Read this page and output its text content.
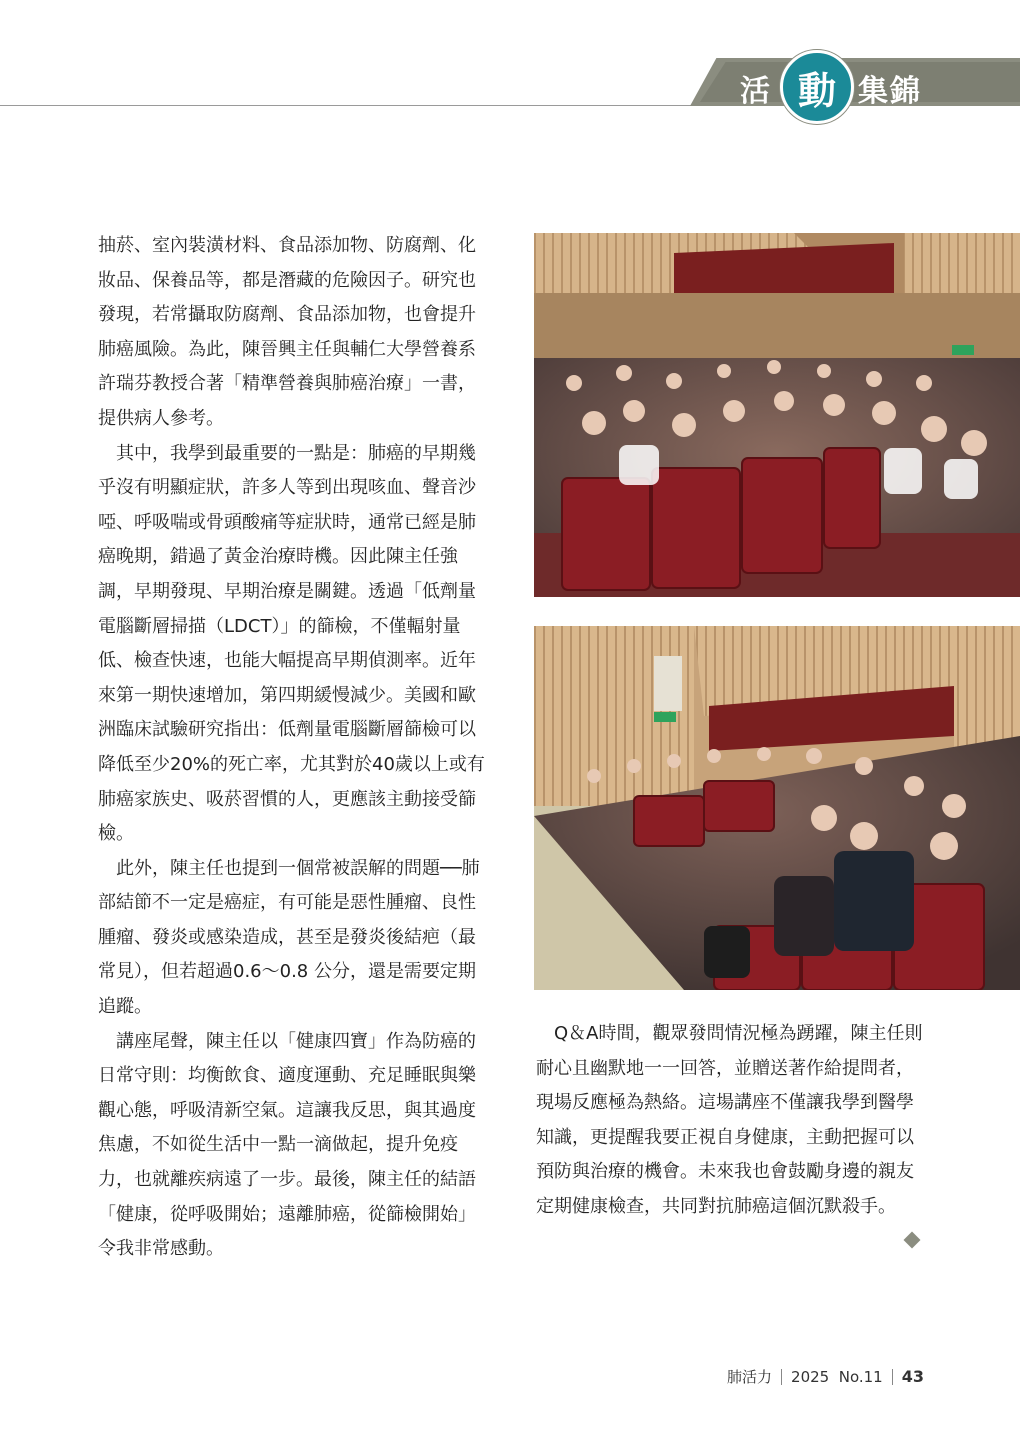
活 動 集 錦

抽菸、室內裝潢材料、食品添加物、防腐劑、化妝品、保養品等，都是潛藏的危險因子。研究也發現，若常攝取防腐劑、食品添加物，也會提升肺癌風險。為此，陳晉興主任與輔仁大學營養系許瑞芬教授合著「精準營養與肺癌治療」一書，提供病人參考。

其中，我學到最重要的一點是：肺癌的早期幾乎沒有明顯症狀，許多人等到出現咳血、聲音沙啞、呼吸喘或骨頭酸痛等症狀時，通常已經是肺癌晚期，錯過了黃金治療時機。因此陳主任強調，早期發現、早期治療是關鍵。透過「低劑量電腦斷層掃描（LDCT）」的篩檢，不僅輻射量低、檢查快速，也能大幅提高早期偵測率。近年來第一期快速增加，第四期緩慢減少。美國和歐洲臨床試驗研究指出：低劑量電腦斷層篩檢可以降低至少20%的死亡率，尤其對於40歲以上或有肺癌家族史、吸菸習慣的人，更應該主動接受篩檢。

此外，陳主任也提到一個常被誤解的問題──肺部結節不一定是癌症，有可能是惡性腫瘤、良性腫瘤、發炎或感染造成，甚至是發炎後結疤（最常見），但若超過0.6～0.8 公分，還是需要定期追蹤。

講座尾聲，陳主任以「健康四寶」作為防癌的日常守則：均衡飲食、適度運動、充足睡眠與樂觀心態，呼吸清新空氣。這讓我反思，與其過度焦慮，不如從生活中一點一滴做起，提升免疫力，也就離疾病遠了一步。最後，陳主任的結語「健康，從呼吸開始；遠離肺癌，從篩檢開始」令我非常感動。

Q＆A時間，觀眾發問情況極為踴躍，陳主任則耐心且幽默地一一回答，並贈送著作給提問者，現場反應極為熱絡。這場講座不僅讓我學到醫學知識，更提醒我要正視自身健康，主動把握可以預防與治療的機會。未來我也會鼓勵身邊的親友定期健康檢查，共同對抗肺癌這個沉默殺手。

肺活力 2025  No.11 43
